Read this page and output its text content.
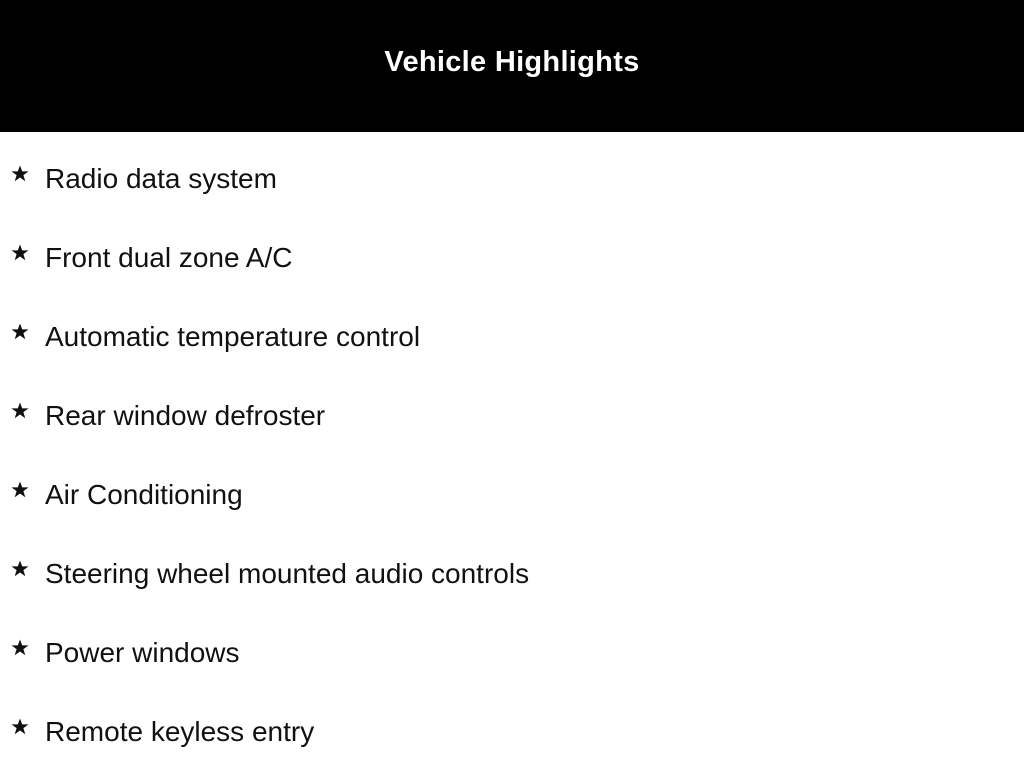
Vehicle Highlights
Radio data system
Front dual zone A/C
Automatic temperature control
Rear window defroster
Air Conditioning
Steering wheel mounted audio controls
Power windows
Remote keyless entry
